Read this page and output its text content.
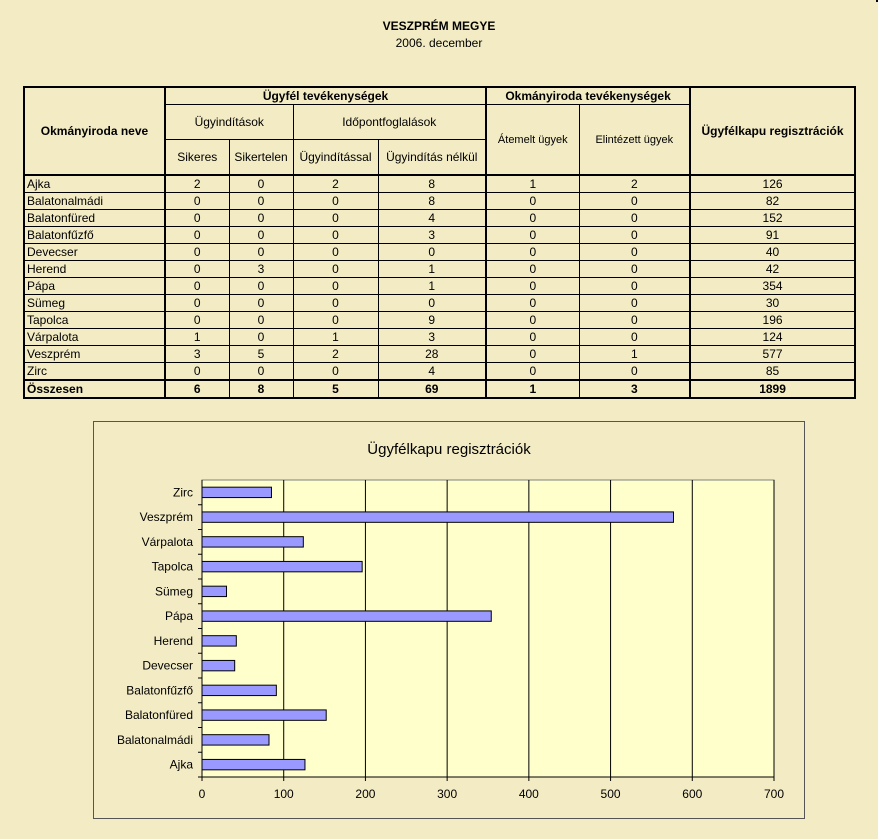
VESZPRÉM MEGYE
2006. december
Okmányiroda neve	Ügyfél tevékenységek				Okmányiroda tevékenységek		Ügyfélkapu regisztrációk
	Ügyindítások		Időpontfoglalások		Átemelt ügyek	Elintézett ügyek	
	Sikeres	Sikertelen	Ügyindítással	Ügyindítás nélkül			
Ajka	2	0	2	8	1	2	126
Balatonalmádi	0	0	0	8	0	0	82
Balatonfüred	0	0	0	4	0	0	152
Balatonfűzfő	0	0	0	3	0	0	91
Devecser	0	0	0	0	0	0	40
Herend	0	3	0	1	0	0	42
Pápa	0	0	0	1	0	0	354
Sümeg	0	0	0	0	0	0	30
Tapolca	0	0	0	9	0	0	196
Várpalota	1	0	1	3	0	0	124
Veszprém	3	5	2	28	0	1	577
Zirc	0	0	0	4	0	0	85
Összesen	6	8	5	69	1	3	1899
Ügyfélkapu regisztrációk
0	100	200	300	400	500	600	700
Ajka
Balatonalmádi
Balatonfüred
Balatonfűzfő
Devecser
Herend
Pápa
Sümeg
Tapolca
Várpalota
Veszprém
Zirc
